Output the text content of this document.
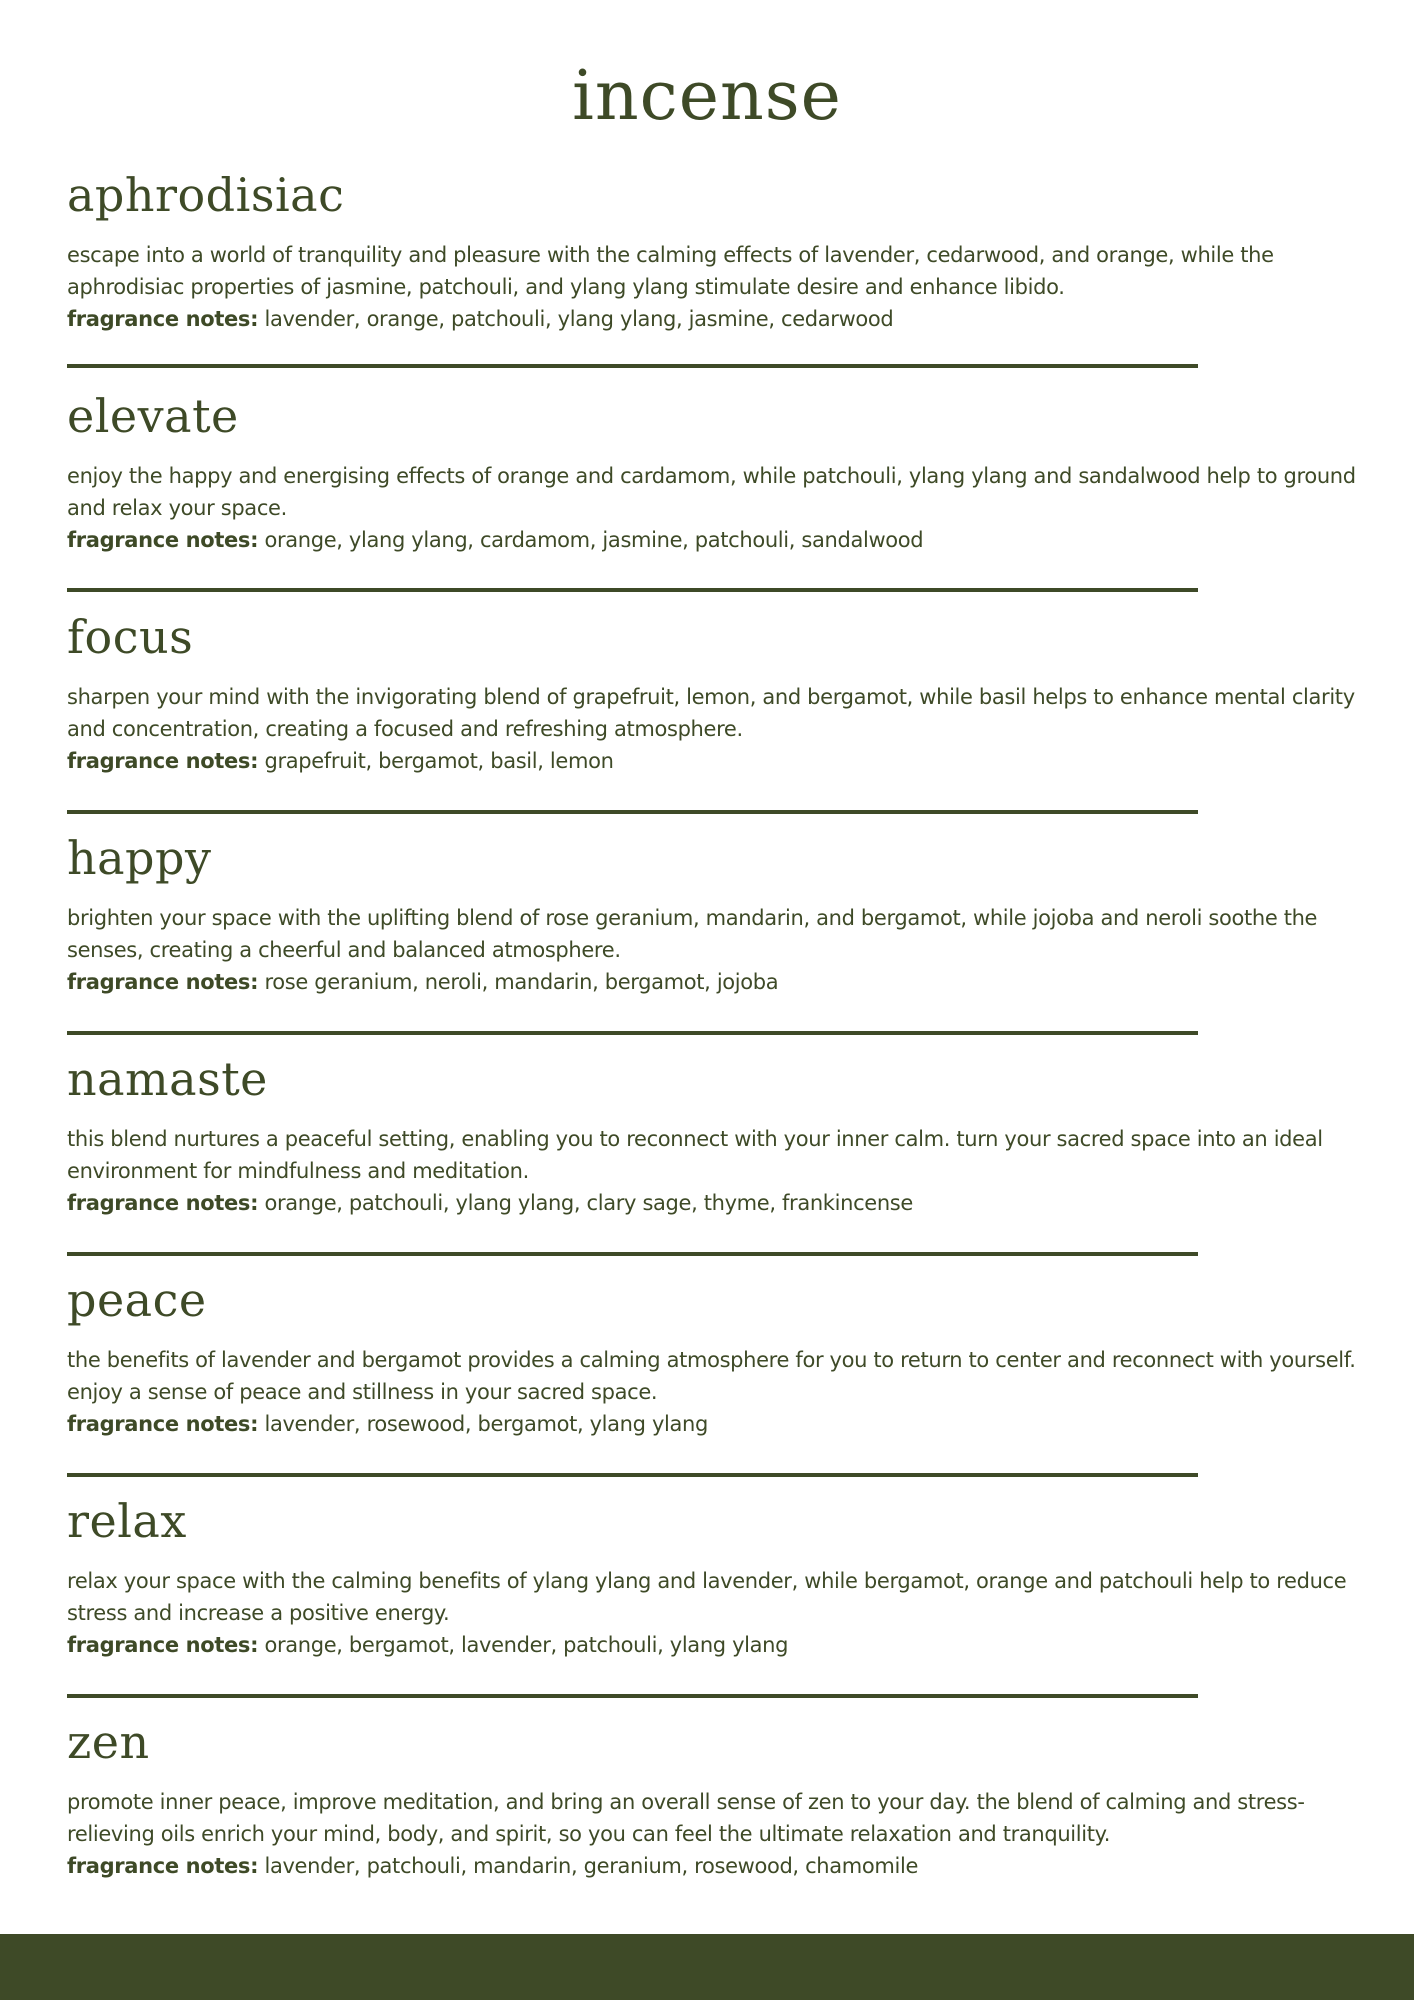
incense
aphrodisiac

escape into a world of tranquility and pleasure with the calming effects of lavender, cedarwood, and orange, while the aphrodisiac properties of jasmine, patchouli, and ylang ylang stimulate desire and enhance libido.

fragrance notes: lavender, orange, patchouli, ylang ylang, jasmine, cedarwood
elevate

enjoy the happy and energising effects of orange and cardamom, while patchouli, ylang ylang and sandalwood help to ground and relax your space.

fragrance notes: orange, ylang ylang, cardamom, jasmine, patchouli, sandalwood
focus

sharpen your mind with the invigorating blend of grapefruit, lemon, and bergamot, while basil helps to enhance mental clarity and concentration, creating a focused and refreshing atmosphere.

fragrance notes: grapefruit, bergamot, basil, lemon
happy

brighten your space with the uplifting blend of rose geranium, mandarin, and bergamot, while jojoba and neroli soothe the senses, creating a cheerful and balanced atmosphere.

fragrance notes: rose geranium, neroli, mandarin, bergamot, jojoba
namaste

this blend nurtures a peaceful setting, enabling you to reconnect with your inner calm. turn your sacred space into an ideal environment for mindfulness and meditation.

fragrance notes: orange, patchouli, ylang ylang, clary sage, thyme, frankincense
peace

the benefits of lavender and bergamot provides a calming atmosphere for you to return to center and reconnect with yourself. enjoy a sense of peace and stillness in your sacred space.

fragrance notes: lavender, rosewood, bergamot, ylang ylang
relax

relax your space with the calming benefits of ylang ylang and lavender, while bergamot, orange and patchouli help to reduce stress and increase a positive energy.

fragrance notes: orange, bergamot, lavender, patchouli, ylang ylang
zen

promote inner peace, improve meditation, and bring an overall sense of zen to your day. the blend of calming and stress-relieving oils enrich your mind, body, and spirit, so you can feel the ultimate relaxation and tranquility.

fragrance notes: lavender, patchouli, mandarin, geranium, rosewood, chamomile
